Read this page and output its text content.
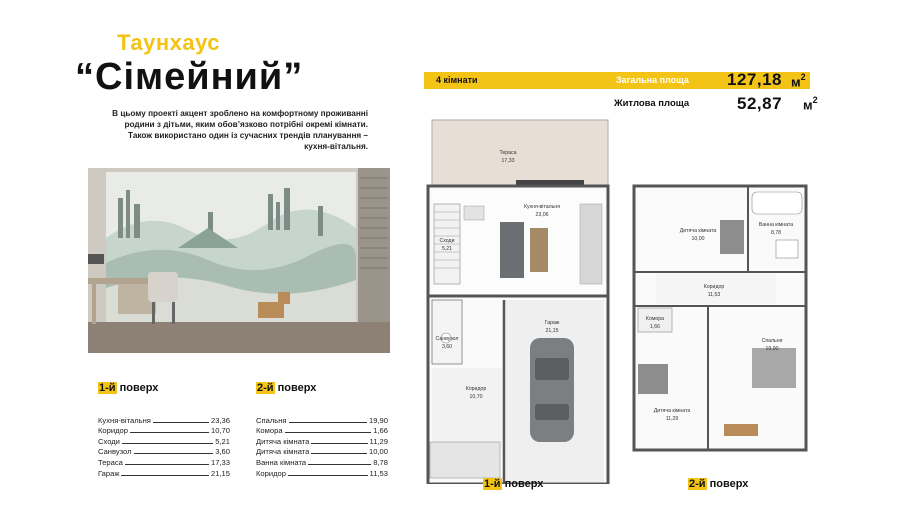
Таунхаус
“Сімейний”
В цьому проекті акцент зроблено на комфортному проживанні родини з дітьми, яким обов’язково потрібні окремі кімнати. Також використано один із сучасних трендів планування – кухня-вітальня.
1-й поверх
Кухня-вітальня	23,36
Коридор	10,70
Сходи	5,21
Санвузол	3,60
Тераса	17,33
Гараж	21,15
2-й поверх
Спальня	19,90
Комора	1,66
Дитяча кімната	11,29
Дитяча кімната	10,00
Ванна кімната	8,78
Коридор	11,53
4 кімнати	Загальна площа 127,18 $м^2$
Житлова площа	52,87 $м^2$
Тераса
17,33
Кухня-вітальня
23,06
Сходи
5,21
Санвузол
3,60
Коридор
10,70
Гараж
21,15
Дитяча кімната
10,00
Ванна кімната
8,78
Коридор
11,53
Комора
1,66
Спальня
19,90
Дитяча кімната
11,29
1-й поверх	2-й поверх
